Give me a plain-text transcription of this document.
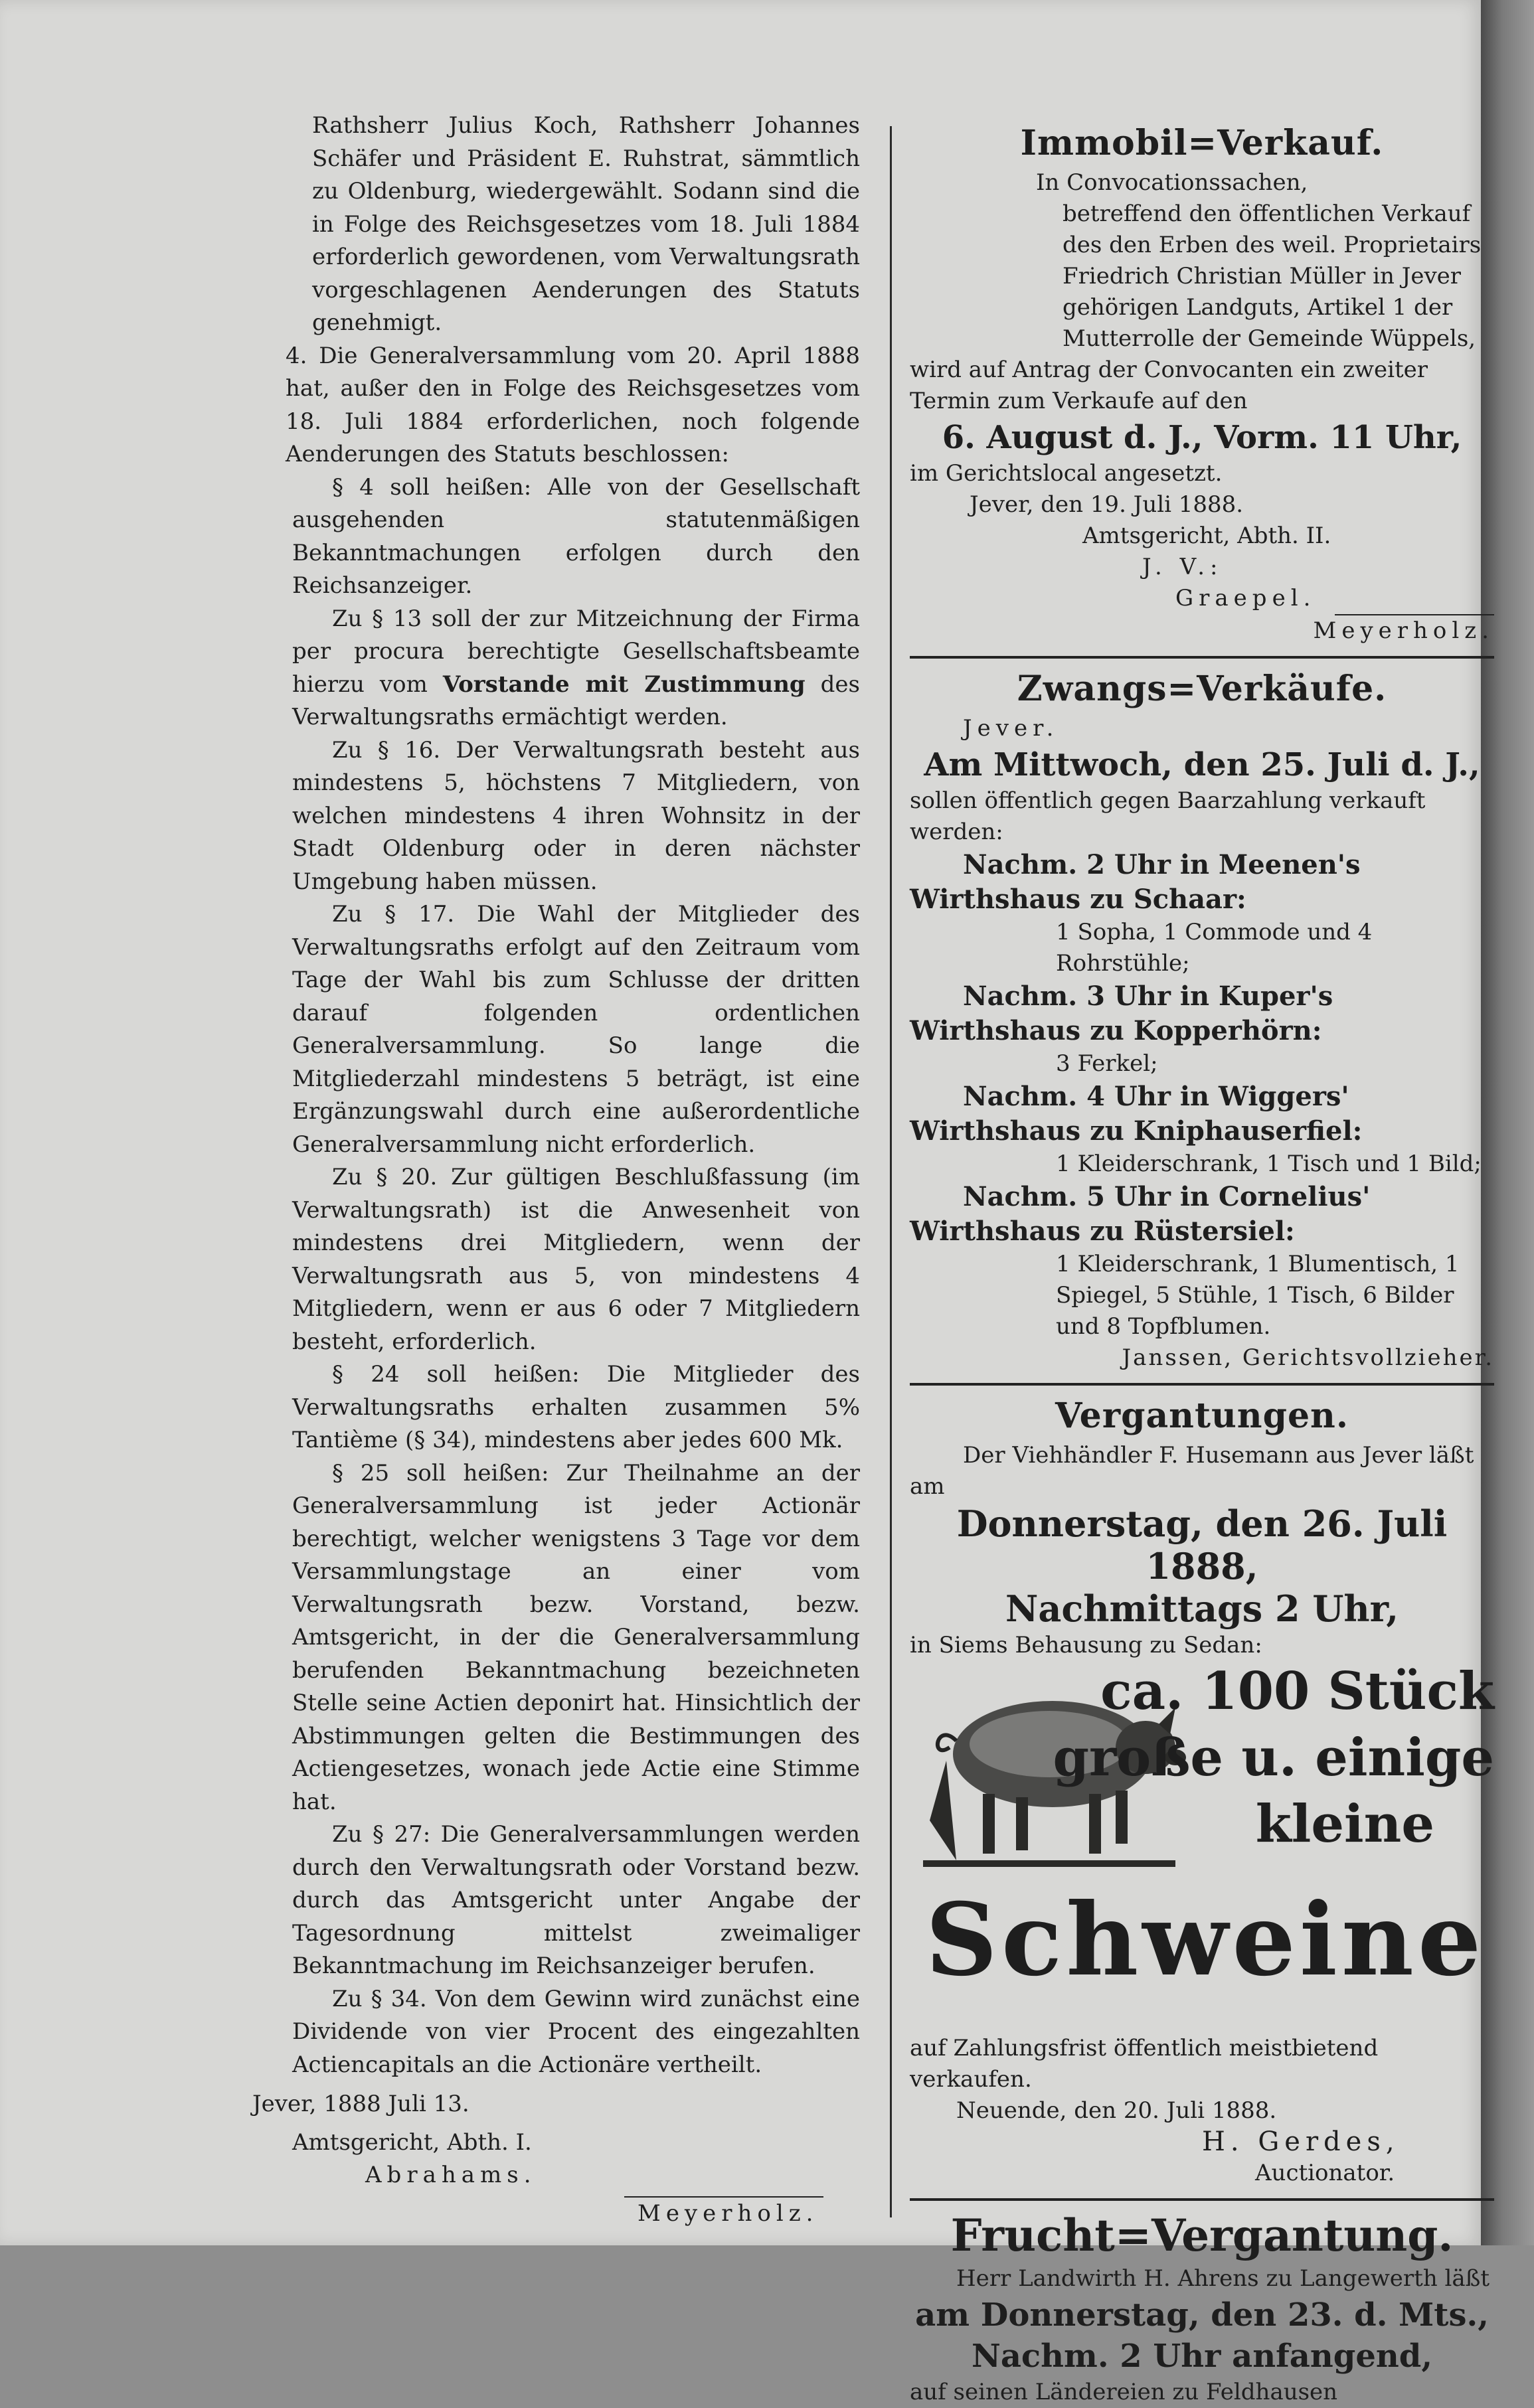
Rathsherr Julius Koch, Rathsherr Johannes Schäfer und Präsident E. Ruhstrat, sämmtlich zu Oldenburg, wiedergewählt. Sodann sind die in Folge des Reichsgesetzes vom 18. Juli 1884 erforderlich gewordenen, vom Verwaltungsrath vorgeschlagenen Aenderungen des Statuts genehmigt.

4. Die Generalversammlung vom 20. April 1888 hat, außer den in Folge des Reichsgesetzes vom 18. Juli 1884 erforderlichen, noch folgende Aenderungen des Statuts beschlossen:

§ 4 soll heißen: Alle von der Gesellschaft ausgehenden statutenmäßigen Bekanntmachungen erfolgen durch den Reichsanzeiger.

Zu § 13 soll der zur Mitzeichnung der Firma per procura berechtigte Gesellschaftsbeamte hierzu vom Vorstande mit Zustimmung des Verwaltungsraths ermächtigt werden.

Zu § 16. Der Verwaltungsrath besteht aus mindestens 5, höchstens 7 Mitgliedern, von welchen mindestens 4 ihren Wohnsitz in der Stadt Oldenburg oder in deren nächster Umgebung haben müssen.

Zu § 17. Die Wahl der Mitglieder des Verwaltungsraths erfolgt auf den Zeitraum vom Tage der Wahl bis zum Schlusse der dritten darauf folgenden ordentlichen Generalversammlung. So lange die Mitgliederzahl mindestens 5 beträgt, ist eine Ergänzungswahl durch eine außerordentliche Generalversammlung nicht erforderlich.

Zu § 20. Zur gültigen Beschlußfassung (im Verwaltungsrath) ist die Anwesenheit von mindestens drei Mitgliedern, wenn der Verwaltungsrath aus 5, von mindestens 4 Mitgliedern, wenn er aus 6 oder 7 Mitgliedern besteht, erforderlich.

§ 24 soll heißen: Die Mitglieder des Verwaltungsraths erhalten zusammen 5% Tantième (§ 34), mindestens aber jedes 600 Mk.

§ 25 soll heißen: Zur Theilnahme an der Generalversammlung ist jeder Actionär berechtigt, welcher wenigstens 3 Tage vor dem Versammlungstage an einer vom Verwaltungsrath bezw. Vorstand, bezw. Amtsgericht, in der die Generalversammlung berufenden Bekanntmachung bezeichneten Stelle seine Actien deponirt hat. Hinsichtlich der Abstimmungen gelten die Bestimmungen des Actiengesetzes, wonach jede Actie eine Stimme hat.

Zu § 27: Die Generalversammlungen werden durch den Verwaltungsrath oder Vorstand bezw. durch das Amtsgericht unter Angabe der Tagesordnung mittelst zweimaliger Bekanntmachung im Reichsanzeiger berufen.

Zu § 34. Von dem Gewinn wird zunächst eine Dividende von vier Procent des eingezahlten Actiencapitals an die Actionäre vertheilt.

Jever, 1888 Juli 13.

Amtsgericht, Abth. I.

Abrahams.

Meyerholz.

Immobil=Verkauf.

In Convocationssachen,

betreffend den öffentlichen Verkauf des den Erben des weil. Proprietairs Friedrich Christian Müller in Jever gehörigen Landguts, Artikel 1 der Mutterrolle der Gemeinde Wüppels,

wird auf Antrag der Convocanten ein zweiter Termin zum Verkaufe auf den

6. August d. J., Vorm. 11 Uhr,

im Gerichtslocal angesetzt.

Jever, den 19. Juli 1888.

Amtsgericht, Abth. II.

J. V.:

Graepel.

Meyerholz.

Zwangs=Verkäufe.

Jever.

Am Mittwoch, den 25. Juli d. J.,

sollen öffentlich gegen Baarzahlung verkauft werden:

Nachm. 2 Uhr in Meenen's Wirthshaus zu Schaar:

1 Sopha, 1 Commode und 4 Rohrstühle;

Nachm. 3 Uhr in Kuper's Wirthshaus zu Kopperhörn:

3 Ferkel;

Nachm. 4 Uhr in Wiggers' Wirthshaus zu Kniphauserfiel:

1 Kleiderschrank, 1 Tisch und 1 Bild;

Nachm. 5 Uhr in Cornelius' Wirthshaus zu Rüstersiel:

1 Kleiderschrank, 1 Blumentisch, 1 Spiegel, 5 Stühle, 1 Tisch, 6 Bilder und 8 Topfblumen.

Janssen, Gerichtsvollzieher.

Vergantungen.

Der Viehhändler F. Husemann aus Jever läßt am

Donnerstag, den 26. Juli 1888,

Nachmittags 2 Uhr,

in Siems Behausung zu Sedan:

ca. 100 Stück
große u. einige
kleine
Schweine

auf Zahlungsfrist öffentlich meistbietend verkaufen.

Neuende, den 20. Juli 1888.

H. Gerdes,

Auctionator.

Frucht=Vergantung.

Herr Landwirth H. Ahrens zu Langewerth läßt

am Donnerstag, den 23. d. Mts.,

Nachm. 2 Uhr anfangend,

auf seinen Ländereien zu Feldhausen
